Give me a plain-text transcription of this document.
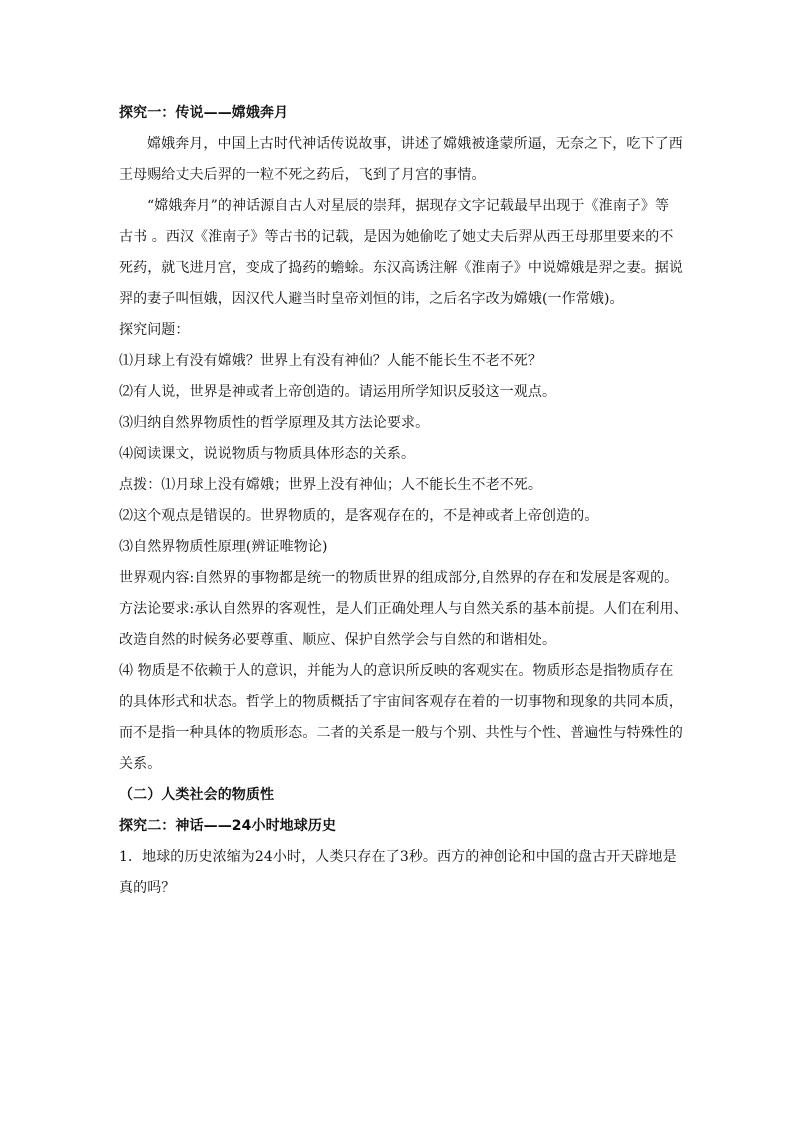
探究一：传说——嫦娥奔月
嫦娥奔月，中国上古时代神话传说故事，讲述了嫦娥被逢蒙所逼，无奈之下，吃下了西
王母赐给丈夫后羿的一粒不死之药后，飞到了月宫的事情。
“嫦娥奔月”的神话源自古人对星辰的崇拜，据现存文字记载最早出现于《淮南子》等
古书 。西汉《淮南子》等古书的记载，是因为她偷吃了她丈夫后羿从西王母那里要来的不
死药，就飞进月宫，变成了捣药的蟾蜍。东汉高诱注解《淮南子》中说嫦娥是羿之妻。据说
羿的妻子叫恒娥，因汉代人避当时皇帝刘恒的讳，之后名字改为嫦娥(一作常娥)。
探究问题：
⑴月球上有没有嫦娥？世界上有没有神仙？人能不能长生不老不死？
⑵有人说，世界是神或者上帝创造的。请运用所学知识反驳这一观点。
⑶归纳自然界物质性的哲学原理及其方法论要求。
⑷阅读课文，说说物质与物质具体形态的关系。
点拨：⑴月球上没有嫦娥；世界上没有神仙；人不能长生不老不死。
⑵这个观点是错误的。世界物质的，是客观存在的，不是神或者上帝创造的。
⑶自然界物质性原理(辨证唯物论)
世界观内容:自然界的事物都是统一的物质世界的组成部分,自然界的存在和发展是客观的。
方法论要求:承认自然界的客观性，是人们正确处理人与自然关系的基本前提。人们在利用、
改造自然的时候务必要尊重、顺应、保护自然学会与自然的和谐相处。
⑷ 物质是不依赖于人的意识，并能为人的意识所反映的客观实在。物质形态是指物质存在
的具体形式和状态。哲学上的物质概括了宇宙间客观存在着的一切事物和现象的共同本质，
而不是指一种具体的物质形态。二者的关系是一般与个别、共性与个性、普遍性与特殊性的
关系。
（二）人类社会的物质性
探究二：神话——24小时地球历史
1．地球的历史浓缩为24小时，人类只存在了3秒。西方的神创论和中国的盘古开天辟地是
真的吗？
